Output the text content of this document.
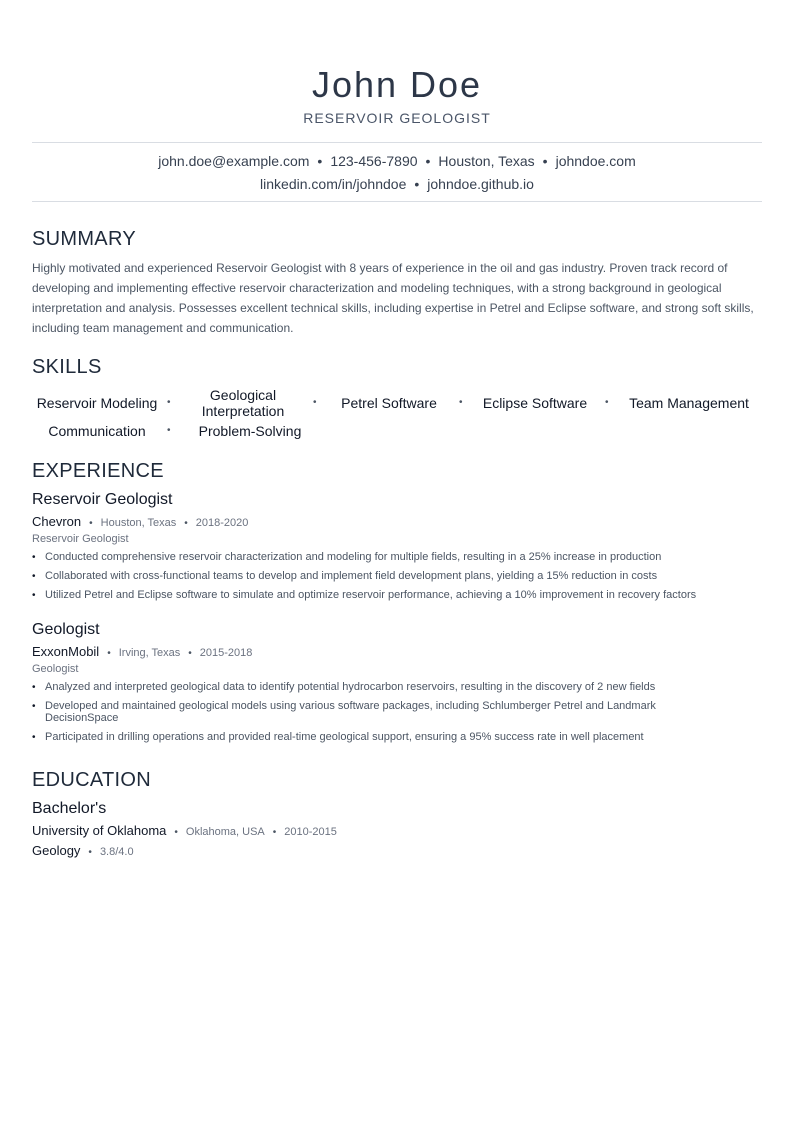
John Doe
RESERVOIR GEOLOGIST
john.doe@example.com • 123-456-7890 • Houston, Texas • johndoe.com
linkedin.com/in/johndoe • johndoe.github.io
SUMMARY
Highly motivated and experienced Reservoir Geologist with 8 years of experience in the oil and gas industry. Proven track record of developing and implementing effective reservoir characterization and modeling techniques, with a strong background in geological interpretation and analysis. Possesses excellent technical skills, including expertise in Petrel and Eclipse software, and strong soft skills, including team management and communication.
SKILLS
Reservoir Modeling •	Geological Interpretation
•	Petrel Software	•	Eclipse Software	•	Team Management
Communication	•	Problem-Solving
EXPERIENCE
Reservoir Geologist
Chevron • Houston, Texas • 2018-2020
Reservoir Geologist
• Conducted comprehensive reservoir characterization and modeling for multiple fields, resulting in a 25% increase in production
• Collaborated with cross-functional teams to develop and implement field development plans, yielding a 15% reduction in costs
• Utilized Petrel and Eclipse software to simulate and optimize reservoir performance, achieving a 10% improvement in recovery factors
Geologist
ExxonMobil • Irving, Texas • 2015-2018
Geologist
• Analyzed and interpreted geological data to identify potential hydrocarbon reservoirs, resulting in the discovery of 2 new fields
• Developed and maintained geological models using various software packages, including Schlumberger Petrel and Landmark DecisionSpace
• Participated in drilling operations and provided real-time geological support, ensuring a 95% success rate in well placement
EDUCATION
Bachelor's
University of Oklahoma • Oklahoma, USA • 2010-2015
Geology • 3.8/4.0
